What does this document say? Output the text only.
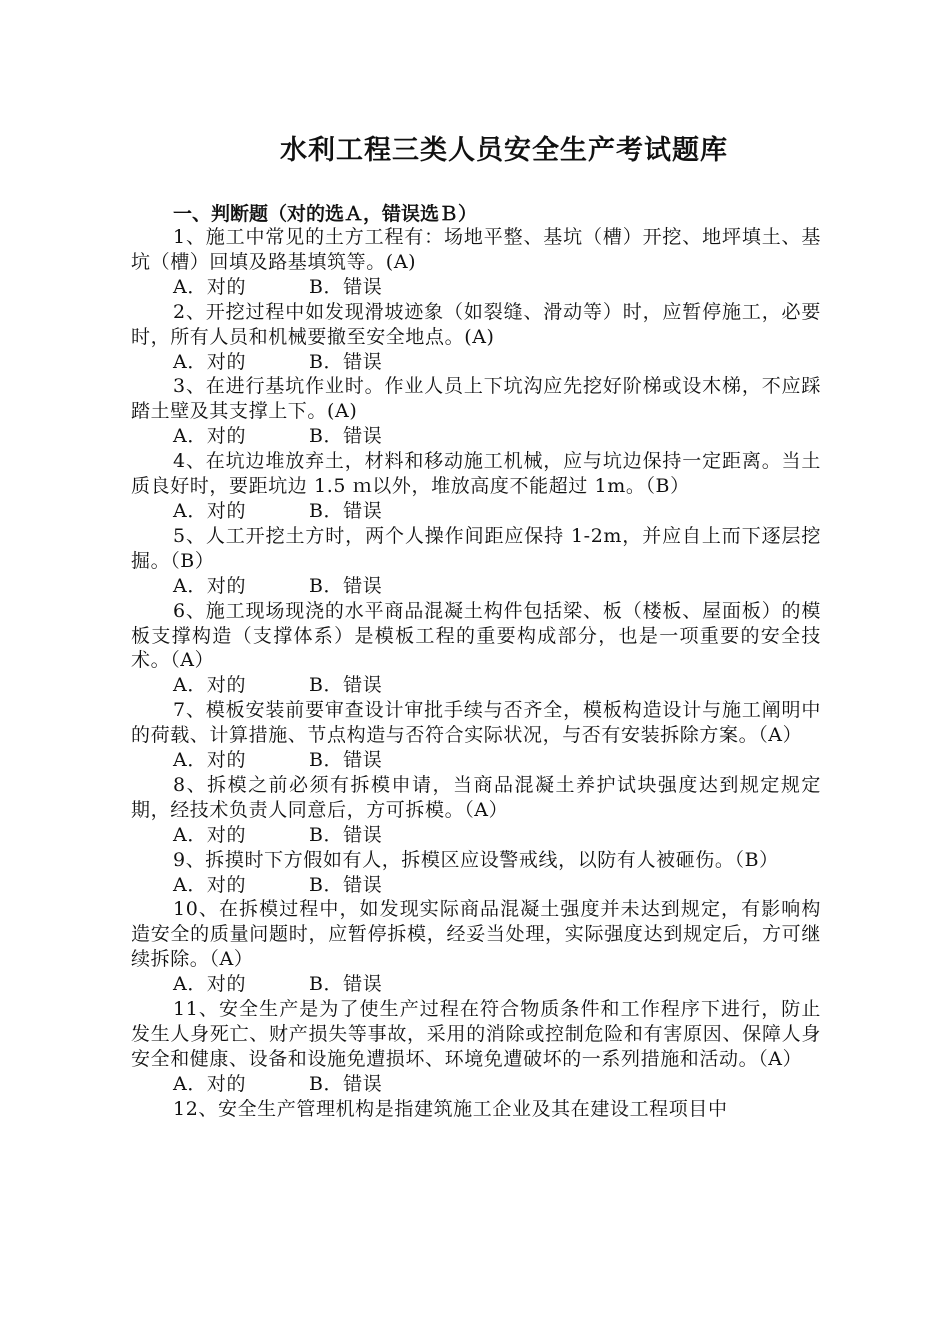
水利工程三类人员安全生产考试题库
一、判断题（对的选Ａ，错误选Ｂ）

1、施工中常见的土方工程有：场地平整、基坑（槽）开挖、地坪填土、基坑（槽）回填及路基填筑等。(A)

A．对的	B．错误

2、开挖过程中如发现滑坡迹象（如裂缝、滑动等）时，应暂停施工，必要时，所有人员和机械要撤至安全地点。(A)

A．对的	B．错误

3、在进行基坑作业时。作业人员上下坑沟应先挖好阶梯或设木梯，不应踩踏土壁及其支撑上下。(A)

A．对的	B．错误

4、在坑边堆放弃土，材料和移动施工机械，应与坑边保持一定距离。当土质良好时，要距坑边 1.5 ｍ以外，堆放高度不能超过 1m。（B）

A．对的	B．错误

5、人工开挖土方时，两个人操作间距应保持 1-2m，并应自上而下逐层挖掘。（B）

A．对的	B．错误

6、施工现场现浇的水平商品混凝土构件包括梁、板（楼板、屋面板）的模板支撑构造（支撑体系）是模板工程的重要构成部分，也是一项重要的安全技术。（A）

A．对的	B．错误

7、模板安装前要审查设计审批手续与否齐全，模板构造设计与施工阐明中的荷载、计算措施、节点构造与否符合实际状况，与否有安装拆除方案。（A）

A．对的	B．错误

8、拆模之前必须有拆模申请，当商品混凝土养护试块强度达到规定规定期，经技术负责人同意后，方可拆模。（A）

A．对的	B．错误

9、拆摸时下方假如有人，拆模区应设警戒线，以防有人被砸伤。（B）

A．对的	B．错误

10、在拆模过程中，如发现实际商品混凝土强度并未达到规定，有影响构造安全的质量问题时，应暂停拆模，经妥当处理，实际强度达到规定后，方可继续拆除。（A）

A．对的	B．错误

11、安全生产是为了使生产过程在符合物质条件和工作程序下进行，防止发生人身死亡、财产损失等事故，采用的消除或控制危险和有害原因、保障人身安全和健康、设备和设施免遭损坏、环境免遭破坏的一系列措施和活动。（A）

A．对的	B．错误

12、安全生产管理机构是指建筑施工企业及其在建设工程项目中
